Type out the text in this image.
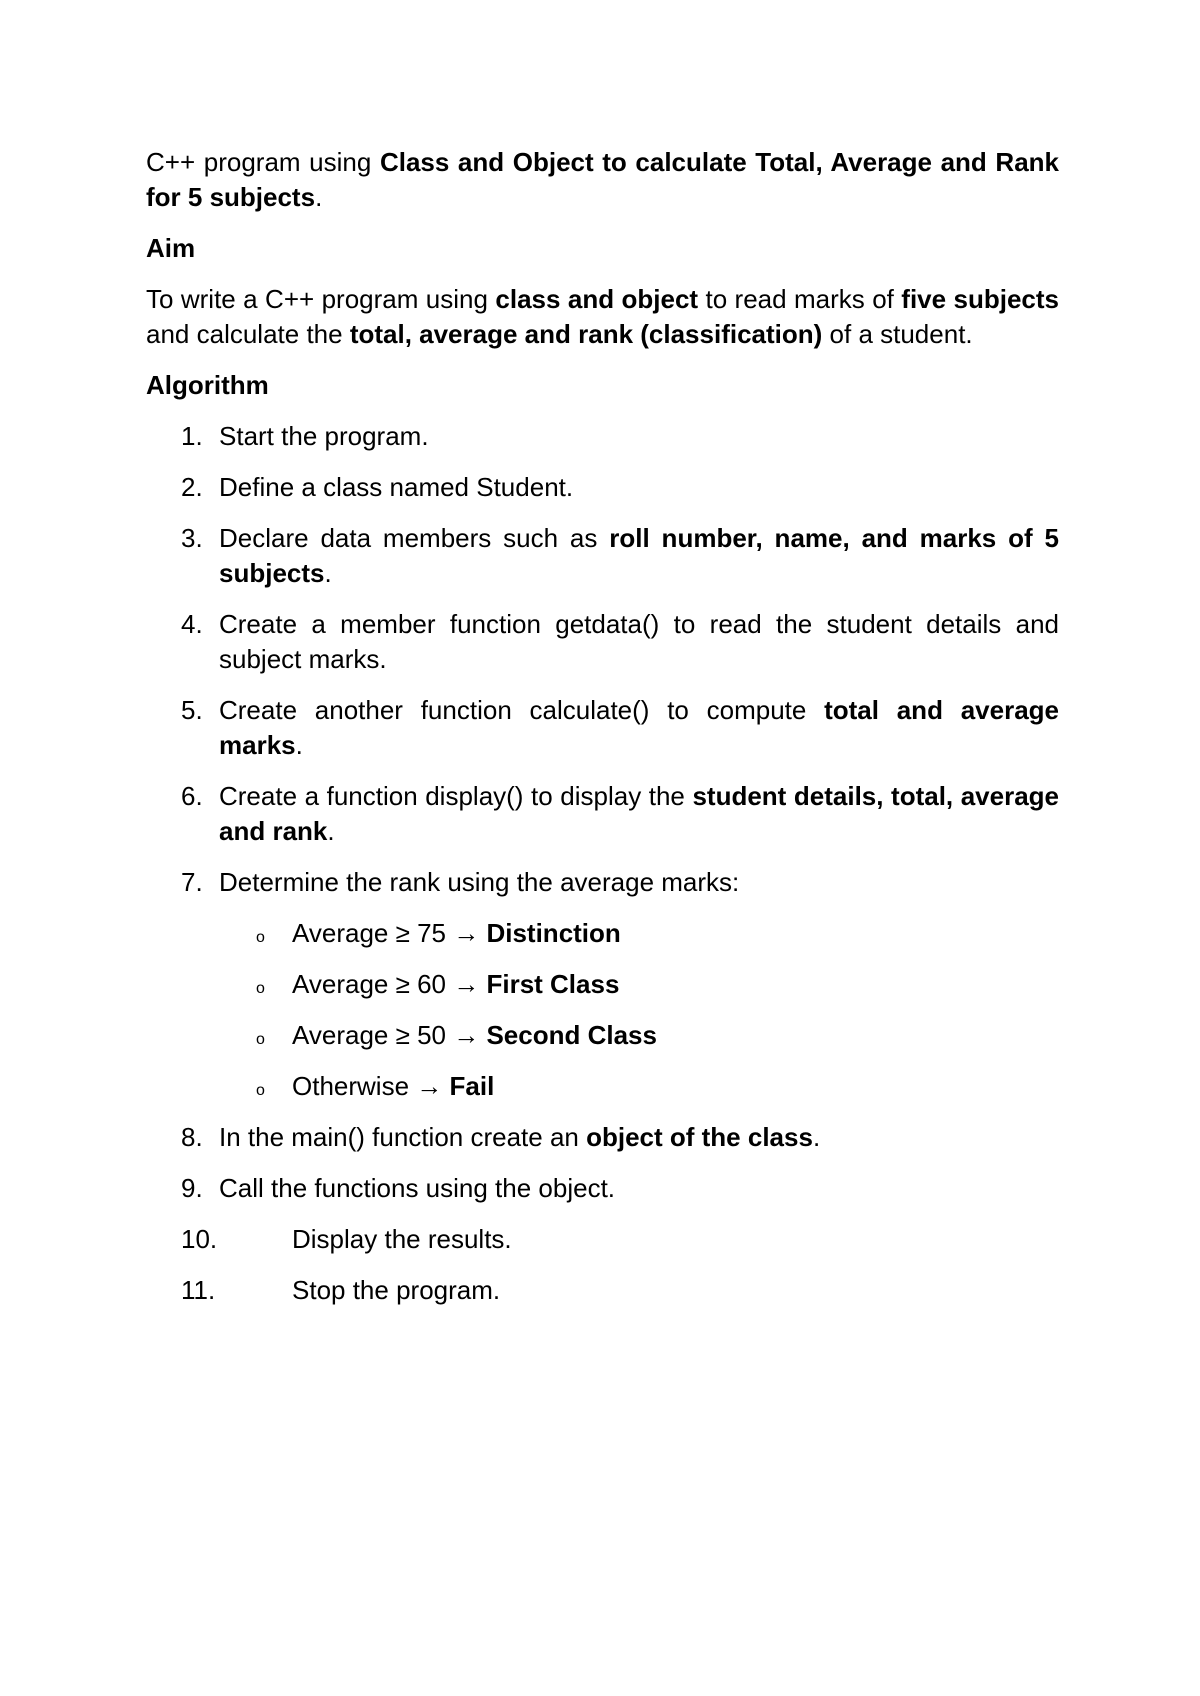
C++ program using Class and Object to calculate Total, Average and Rank for 5 subjects.

Aim

To write a C++ program using class and object to read marks of five subjects and calculate the total, average and rank (classification) of a student.

Algorithm

1. Start the program.
2. Define a class named Student.
3. Declare data members such as roll number, name, and marks of 5 subjects.
4. Create a member function getdata() to read the student details and subject marks.
5. Create another function calculate() to compute total and average marks.
6. Create a function display() to display the student details, total, average and rank.
7. Determine the rank using the average marks:
o Average ≥ 75 → Distinction
o Average ≥ 60 → First Class
o Average ≥ 50 → Second Class
o Otherwise → Fail
8. In the main() function create an object of the class.
9. Call the functions using the object.
10.	Display the results.
11.	Stop the program.
